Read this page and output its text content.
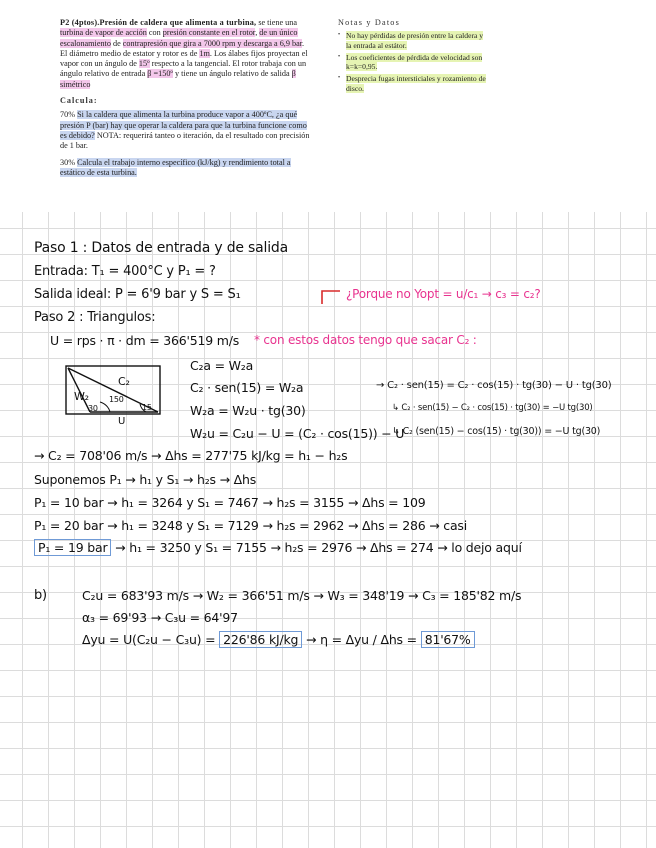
P2 (4ptos).Presión de caldera que alimenta a turbina, se tiene una turbina de vapor de acción con presión constante en el rotor, de un único escalonamiento de contrapresión que gira a 7000 rpm y descarga a 6,9 bar. El diámetro medio de estator y rotor es de 1m. Los álabes fijos proyectan el vapor con un ángulo de 15º respecto a la tangencial. El rotor trabaja con un ángulo relativo de entrada β =150º y tiene un ángulo relativo de salida β simétrico
Calcula:
70% Si la caldera que alimenta la turbina produce vapor a 400ºC, ¿a qué presión P (bar) hay que operar la caldera para que la turbina funcione como es debido? NOTA: requerirá tanteo o iteración, da el resultado con precisión de 1 bar.
30% Calcula el trabajo interno específico (kJ/kg) y rendimiento total a estático de esta turbina.
Notas y Datos
• No hay pérdidas de presión entre la caldera y la entrada al estátor.
• Los coeficientes de pérdida de velocidad son k=k=0,95.
• Desprecia fugas intersticiales y rozamiento de disco.
Paso 1 : Datos de entrada y de salida
Entrada: T₁ = 400°C y P₁ = ?
Salida ideal: P = 6'9 bar y S = S₁	¿Porque no Yopt = u/c₁ → c₃ = c₂?
Paso 2 : Triangulos:
U = rps · π · dm = 366'519 m/s * con estos datos tengo que sacar C₂ :
C₂
W₂	150
30	15
U
C₂a = W₂a
C₂ · sen(15) = W₂a
W₂a = W₂u · tg(30)
W₂u = C₂u − U = (C₂ · cos(15)) − U
→ C₂ · sen(15) = C₂ · cos(15) · tg(30) − U · tg(30)
↳ C₂ · sen(15) − C₂ · cos(15) · tg(30) = −U tg(30)
↳ C₂ (sen(15) − cos(15) · tg(30)) = −U tg(30)
→ C₂ = 708'06 m/s → Δhs = 277'75 kJ/kg = h₁ − h₂s
Suponemos P₁ → h₁ y S₁ → h₂s → Δhs
P₁ = 10 bar → h₁ = 3264 y S₁ = 7467 → h₂s = 3155 → Δhs = 109
P₁ = 20 bar → h₁ = 3248 y S₁ = 7129 → h₂s = 2962 → Δhs = 286 → casi
P₁ = 19 bar → h₁ = 3250 y S₁ = 7155 → h₂s = 2976 → Δhs = 274 → lo dejo aquí
b)	C₂u = 683'93 m/s → W₂ = 366'51 m/s → W₃ = 348'19 → C₃ = 185'82 m/s
α₃ = 69'93 → C₃u = 64'97
Δyu = U(C₂u − C₃u) = 226'86 kJ/kg → η = Δyu / Δhs = 81'67%
